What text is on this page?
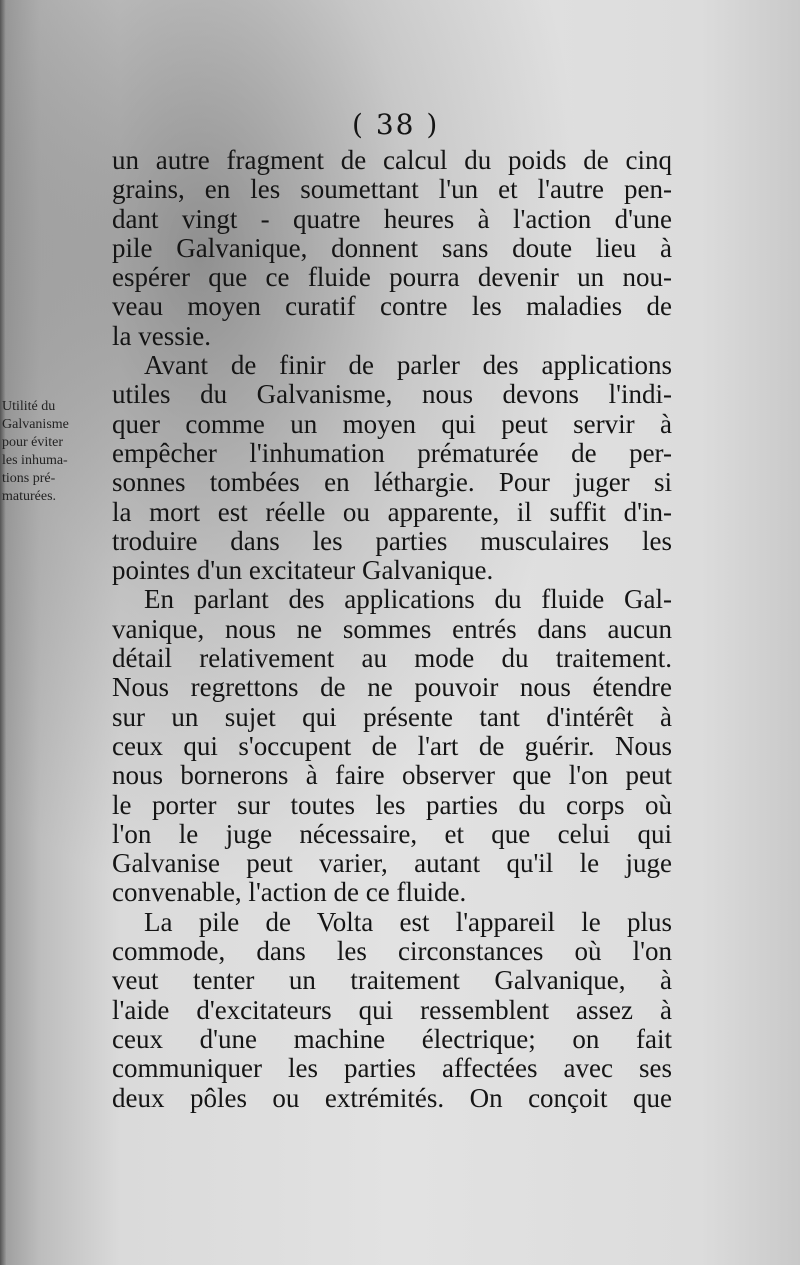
( 38 )
Utilité du
Galvanisme
pour éviter
les inhuma-
tions pré-
maturées.
un autre fragment de calcul du poids de cinq
grains, en les soumettant l'un et l'autre pen-
dant vingt - quatre heures à l'action d'une
pile Galvanique, donnent sans doute lieu à
espérer que ce fluide pourra devenir un nou-
veau moyen curatif contre les maladies de
la vessie.
Avant de finir de parler des applications
utiles du Galvanisme, nous devons l'indi-
quer comme un moyen qui peut servir à
empêcher l'inhumation prématurée de per-
sonnes tombées en léthargie. Pour juger si
la mort est réelle ou apparente, il suffit d'in-
troduire dans les parties musculaires les
pointes d'un excitateur Galvanique.
En parlant des applications du fluide Gal-
vanique, nous ne sommes entrés dans aucun
détail relativement au mode du traitement.
Nous regrettons de ne pouvoir nous étendre
sur un sujet qui présente tant d'intérêt à
ceux qui s'occupent de l'art de guérir. Nous
nous bornerons à faire observer que l'on peut
le porter sur toutes les parties du corps où
l'on le juge nécessaire, et que celui qui
Galvanise peut varier, autant qu'il le juge
convenable, l'action de ce fluide.
La pile de Volta est l'appareil le plus
commode, dans les circonstances où l'on
veut tenter un traitement Galvanique, à
l'aide d'excitateurs qui ressemblent assez à
ceux d'une machine électrique; on fait
communiquer les parties affectées avec ses
deux pôles ou extrémités. On conçoit que
